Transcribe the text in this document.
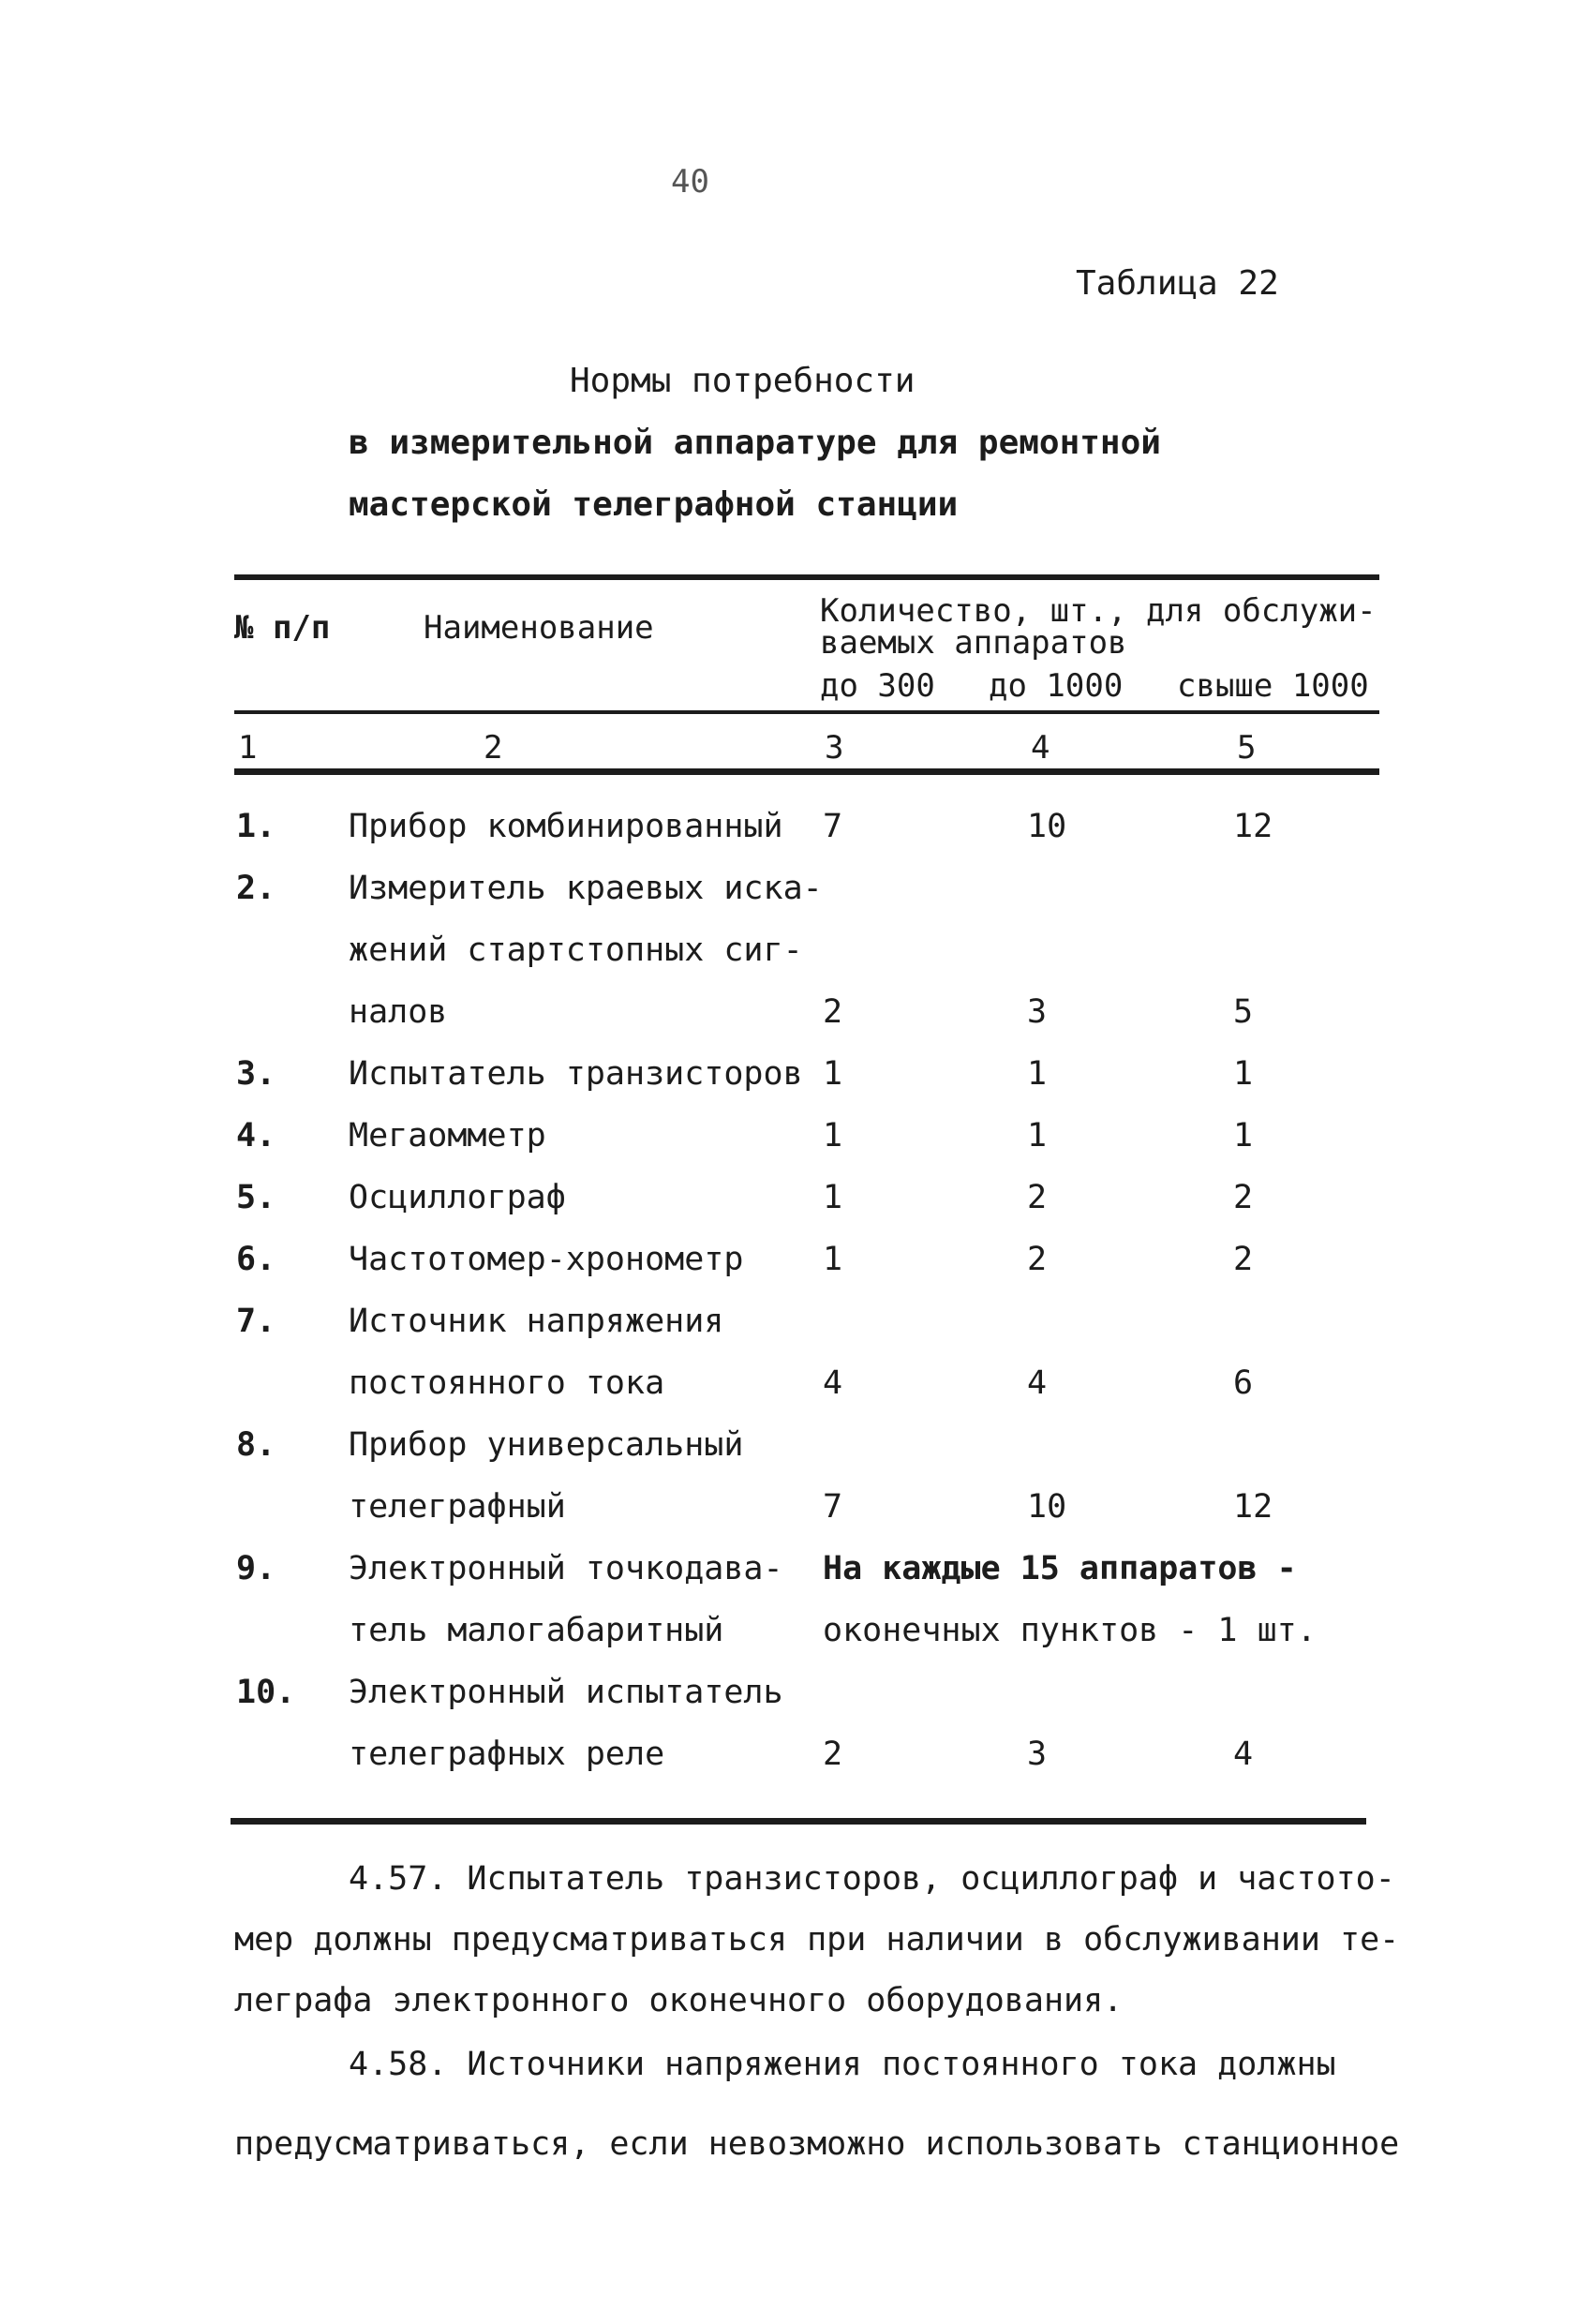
40
Таблица 22
Нормы потребности
в измерительной аппаратуре для ремонтной
мастерской телеграфной станции
№ п/п	Наименование	Количество, шт., для обслужи-
ваемых аппаратов
до 300 до 1000 свыше 1000
1	2	3	4	5
1. Прибор комбинированный 7	10	12
2. Измеритель краевых иска-
жений стартстопных сиг-
налов	2	3	5
3. Испытатель транзисторов 1	1	1
4. Мегаомметр	1	1	1
5. Осциллограф	1	2	2
6. Частотомер-хронометр 1	2	2
7. Источник напряжения
постоянного тока	4	4	6
8. Прибор универсальный
телеграфный	7	10	12
9. Электронный точкодава-
тель малогабаритный
На каждые 15 аппаратов -
оконечных пунктов - 1 шт.
10. Электронный испытатель
телеграфных реле	2	3	4
4.57. Испытатель транзисторов, осциллограф и частото-
мер должны предусматриваться при наличии в обслуживании те-
леграфа электронного оконечного оборудования.
4.58. Источники напряжения постоянного тока должны
предусматриваться, если невозможно использовать станционное
